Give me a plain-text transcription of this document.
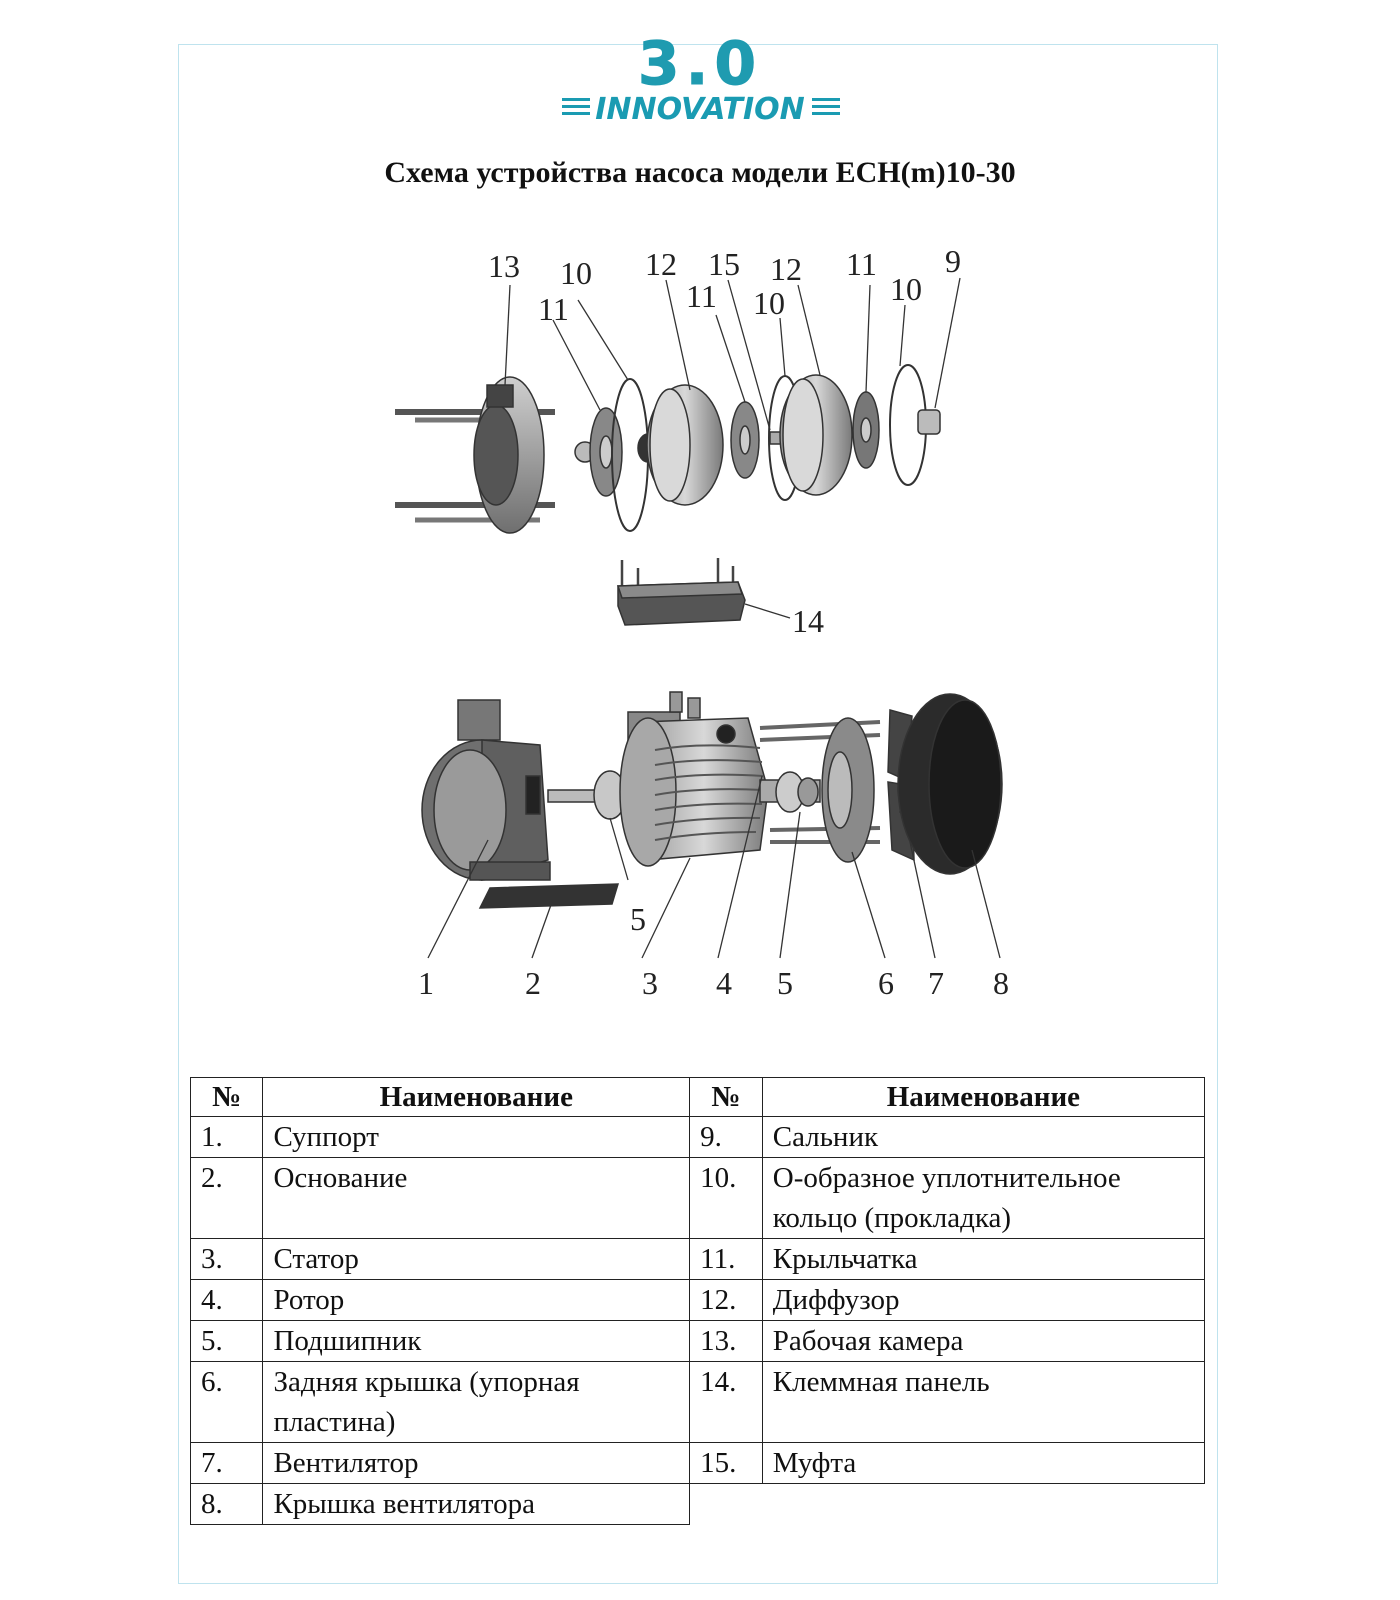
3.0
INNOVATION
Схема устройства насоса модели ECH(m)10-30
13 10
11
12 15
11 10
12 11
10
9
14
5
1	2	3 4 5	6 7 8
№	Наименование	№	Наименование
1.	Суппорт	9.	Сальник
2.	Основание	10.	О-образное уплотнительное кольцо (прокладка)
3.	Статор	11.	Крыльчатка
4.	Ротор	12.	Диффузор
5.	Подшипник	13.	Рабочая камера
6.	Задняя крышка (упорная пластина)	14.	Клеммная панель
7.	Вентилятор	15.	Муфта
8.	Крышка вентилятора		
